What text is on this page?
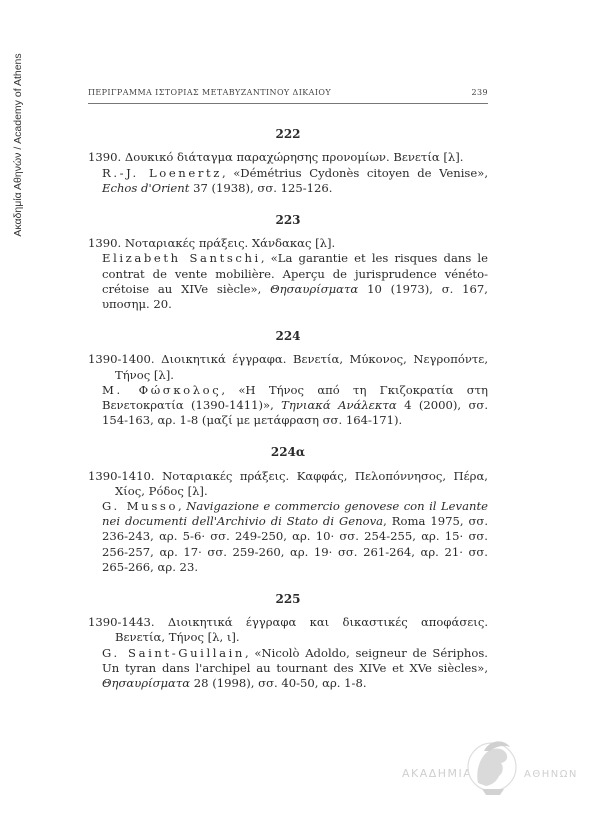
Ακαδημία Αθηνών / Academy of Athens	ΠΕΡΙΓΡΑΜΜΑ ΙΣΤΟΡΙΑΣ ΜΕΤΑΒΥΖΑΝΤΙΝΟΥ ΔΙΚΑΙΟΥ	239
222

1390. Δουκικό διάταγμα παραχώρησης προνομίων. Βενετία [λ].

R.-J. Loenertz, «Démétrius Cydonès citoyen de Venise», Echos d'Orient 37 (1938), σσ. 125-126.

223

1390. Νοταριακές πράξεις. Χάνδακας [λ].

Elizabeth Santschi, «La garantie et les risques dans le contrat de vente mobilière. Aperçu de jurisprudence vénéto-crétoise au XIVe siècle», Θησαυρίσματα 10 (1973), σ. 167, υποσημ. 20.

224

1390-1400. Διοικητικά έγγραφα. Βενετία, Μύκονος, Νεγροπόντε, Τήνος [λ].

Μ. Φώσκολος, «Η Τήνος από τη Γκιζοκρατία στη Βενετοκρατία (1390-1411)», Τηνιακά Ανάλεκτα 4 (2000), σσ. 154-163, αρ. 1-8 (μαζί με μετάφραση σσ. 164-171).

224α

1390-1410. Νοταριακές πράξεις. Καφφάς, Πελοπόννησος, Πέρα, Χίος, Ρόδος [λ].

G. Musso, Navigazione e commercio genovese con il Levante nei documenti dell'Archivio di Stato di Genova, Roma 1975, σσ. 236-243, αρ. 5-6· σσ. 249-250, αρ. 10· σσ. 254-255, αρ. 15· σσ. 256-257, αρ. 17· σσ. 259-260, αρ. 19· σσ. 261-264, αρ. 21· σσ. 265-266, αρ. 23.

225

1390-1443. Διοικητικά έγγραφα και δικαστικές αποφάσεις. Βενετία, Τήνος [λ, ι].

G. Saint-Guillain, «Nicolò Adoldo, seigneur de Sériphos. Un tyran dans l'archipel au tournant des XIVe et XVe siècles», Θησαυρίσματα 28 (1998), σσ. 40-50, αρ. 1-8.

ΑΚΑΔΗΜΙΑ	ΑΘΗΝΩΝ
